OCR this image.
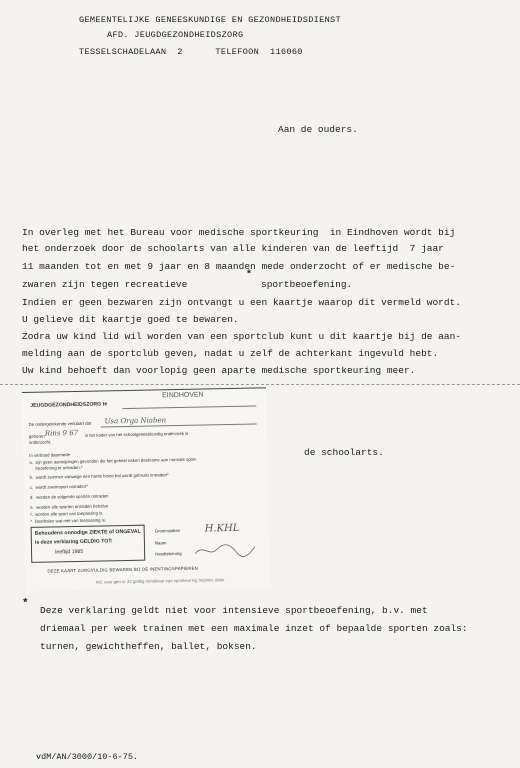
GEMEENTELIJKE GENEESKUNDIGE EN GEZONDHEIDSDIENST
AFD. JEUGDGEZONDHEIDSZORG
TESSELSCHADELAAN  2      TELEFOON  116060
Aan de ouders.
In overleg met het Bureau voor medische sportkeuring  in Eindhoven wordt bij
het onderzoek door de schoolarts van alle kinderen van de leeftijd  7 jaar
11 maanden tot en met 9 jaar en 8 maanden mede onderzocht of er medische be-
zwaren zijn tegen recreatieve
*
sportbeoefening.
Indien er geen bezwaren zijn ontvangt u een kaartje waarop dit vermeld wordt.
U gelieve dit kaartje goed te bewaren.
Zodra uw kind lid wil worden van een sportclub kunt u dit kaartje bij de aan-
melding aan de sportclub geven, nadat u zelf de achterkant ingevuld hebt.
Uw kind behoeft dan voorlopig geen aparte medische sportkeuring meer.
JEUGDGEZONDHEIDSZORG te
EINDHOVEN
De ondergetekende verklaart dat Usa Orga Niaben
geboren Rins 9 67 is het kader van het schoolgeneeskundig onderzoek is
onderzocht.
In verband daarmede
a.  zijn geen aanwijzingen gevonden die het geheel naken deelname aan normale sport-
beoefening te ontraden.*
b.  wordt zwemen vanwege een hartie binne bal wordt gebruikt ontraden*
c.  wordt zwemsport ontraden*
d.  worden de volgende sporten ontraden
e.  worden alle sporten ontraden behalve
f.  worden alle sport van toepassing is.
*  Doorhalen wat niet van toepassing is.
Behoudens onnodige ZIEKTE of ONGEVAL
is deze verklaring GELDIG TOT:
leeftijd 1985
Groninstalten
Naam
Handtekening
H.KHL
DEZE KAART ZORGVULDIG BEWAREN BIJ DE INENTINGSPAPIEREN
Ind. voor gen nr 22 geldig mindelaar van sportkeuring beginbt; dank
de schoolarts.
*
Deze verklaring geldt niet voor intensieve sportbeoefening, b.v. met
driemaal per week trainen met een maximale inzet of bepaalde sporten zoals:
turnen, gewichtheffen, ballet, boksen.
vdM/AN/3000/10-6-75.
